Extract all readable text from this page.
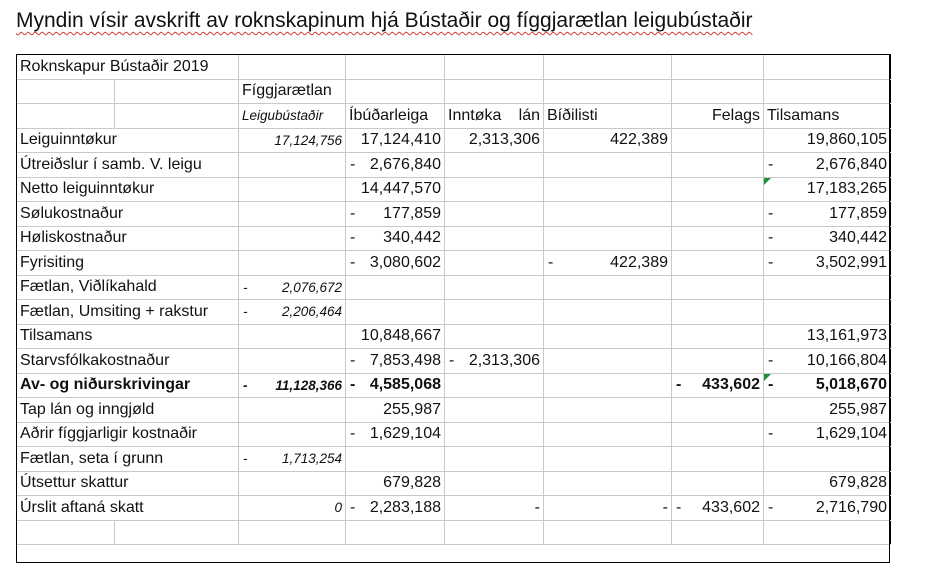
Myndin vísir avskrift av roknskapinum hjá Bústaðir og fíggjarætlan leigubústaðir
Roknskapur Bústaðir 2019							
		Fíggjarætlan					
		Leigubústaðir	Íbúðarleiga	Inntøka lán	Bíðilisti	Felags	Tilsamans
Leiguinntøkur		17,124,756	17,124,410	2,313,306	422,389		19,860,105
Útreiðslur í samb. V. leigu			- 2,676,840				- 2,676,840
Netto leiguinntøkur			14,447,570				17,183,265

Sølukostnaður			- 177,859				- 177,859
Høliskostnaður			- 340,442				- 340,442
Fyrisiting			- 3,080,602		- 422,389		- 3,502,991
Fætlan, Viðlíkahald		- 2,076,672					
Fætlan, Umsiting + rakstur		- 2,206,464					
Tilsamans			10,848,667				13,161,973
Starvsfólkakostnaður			- 7,853,498	- 2,313,306			- 10,166,804
Av- og niðurskrivingar		- 11,128,366	- 4,585,068			- 433,602	- 5,018,670

Tap lán og inngjøld			255,987				255,987
Aðrir fíggjarligir kostnaðir			- 1,629,104				- 1,629,104
Fætlan, seta í grunn		- 1,713,254					
Útsettur skattur			679,828				679,828
Úrslit aftaná skatt		0	- 2,283,188	-	-	- 433,602	- 2,716,790
